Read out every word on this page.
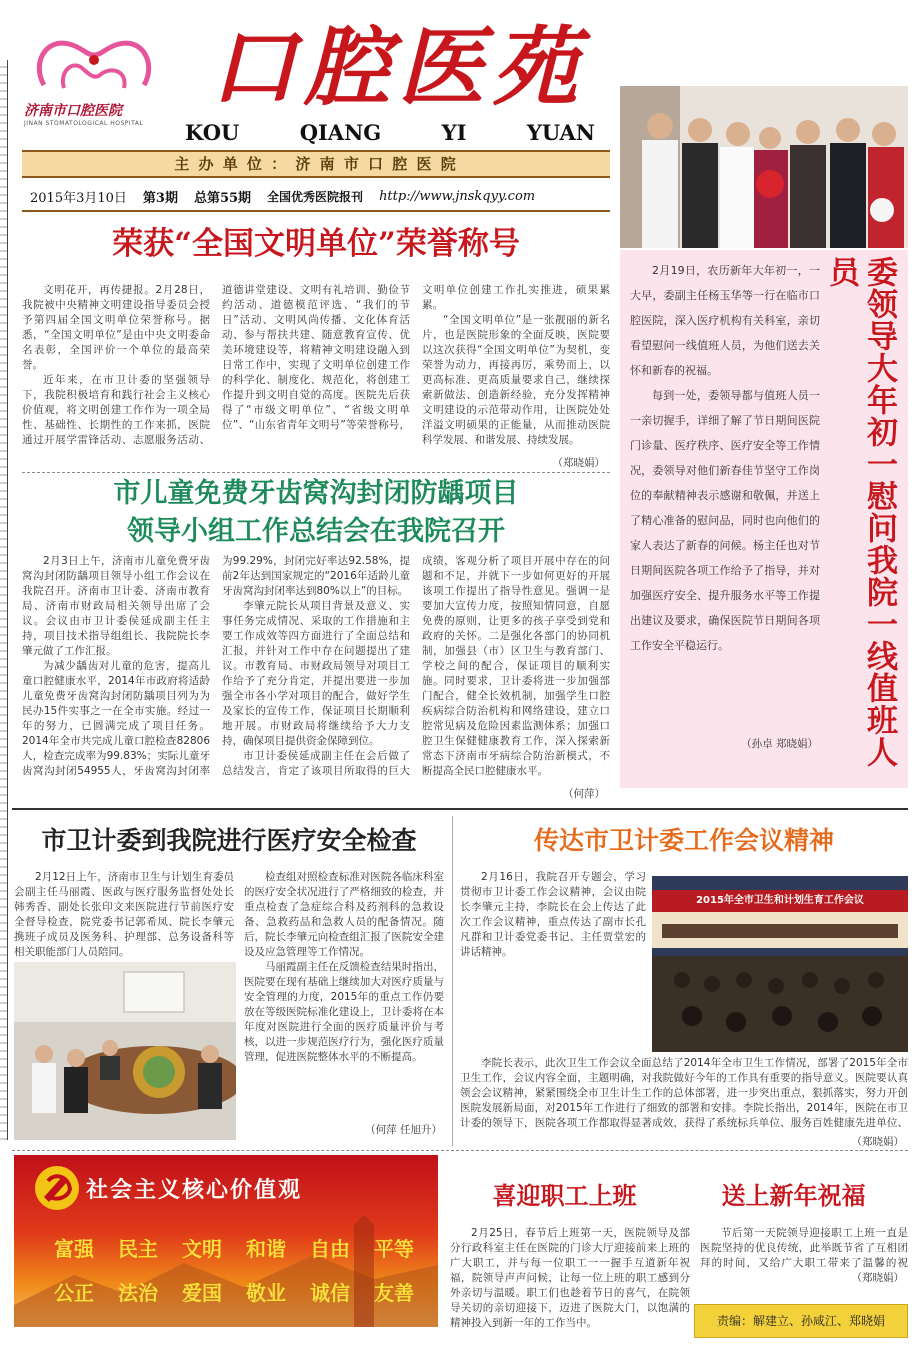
济南市口腔医院
JINAN STOMATOLOGICAL HOSPITAL
口腔医苑
KOU	QIANG	YI	YUAN
主 办 单 位 ： 济 南 市 口 腔 医 院
2015年3月10日 第3期 总第55期 全国优秀医院报刊 http://www.jnskqyy.com
荣获“全国文明单位”荣誉称号

文明花开，再传捷报。2月28日，我院被中央精神文明建设指导委员会授予第四届全国文明单位荣誉称号。据悉，“全国文明单位”是由中央文明委命名表彰，全国评价一个单位的最高荣誉。

近年来，在市卫计委的坚强领导下，我院积极培育和践行社会主义核心价值观，将文明创建工作作为一项全局性、基础性、长期性的工作来抓，医院通过开展学雷锋活动、志愿服务活动、道德讲堂建设、文明有礼培训、勤俭节约活动、道德模范评选、“我们的节日”活动、文明风尚传播、文化体育活动、参与帮扶共建、随意教育宣传、优美环境建设等，将精神文明建设融入到日常工作中，实现了文明单位创建工作的科学化、制度化、规范化，将创建工作提升到文明自觉的高度。医院先后获得了“市级文明单位”、“省级文明单位”、“山东省青年文明号”等荣誉称号，文明单位创建工作扎实推进，硕果累累。

“全国文明单位”是一张靓丽的新名片，也是医院形象的全面反映，医院要以这次获得“全国文明单位”为契机，变荣誉为动力，再接再厉，乘势而上，以更高标准、更高质量要求自己，继续探索新做法、创造新经验，充分发挥精神文明建设的示范带动作用，让医院处处洋溢文明硕果的正能量，从而推动医院科学发展、和谐发展、持续发展。

（郑晓娟）
市儿童免费牙齿窝沟封闭防龋项目
领导小组工作总结会在我院召开

2月3日上午，济南市儿童免费牙齿窝沟封闭防龋项目领导小组工作会议在我院召开。济南市卫计委、济南市教育局、济南市财政局相关领导出席了会议。会议由市卫计委侯延成副主任主持，项目技术指导组组长、我院院长李肇元做了工作汇报。

为减少龋齿对儿童的危害，提高儿童口腔健康水平，2014年市政府将适龄儿童免费牙齿窝沟封闭防龋项目列为为民办15件实事之一在全市实施。经过一年的努力，已圆满完成了项目任务。2014年全市共完成儿童口腔检查82806人，检查完成率为99.83%；实际儿童牙齿窝沟封闭54955人，牙齿窝沟封闭率为99.29%，封闭完好率达92.58%，提前2年达到国家规定的“2016年适龄儿童牙齿窝沟封闭率达到80%以上”的目标。

李肇元院长从项目背景及意义、实事任务完成情况、采取的工作措施和主要工作成效等四方面进行了全面总结和汇报，并针对工作中存在问题提出了建议。市教育局、市财政局领导对项目工作给予了充分肯定，并提出要进一步加强全市各小学对项目的配合，做好学生及家长的宣传工作，保证项目长期顺利地开展。市财政局将继续给予大力支持，确保项目提供资金保障到位。

市卫计委侯延成副主任在会后做了总结发言，肯定了该项目所取得的巨大成绩，客观分析了项目开展中存在的问题和不足，并就下一步如何更好的开展该项工作提出了指导性意见。强调一是要加大宣传力度，按照知情同意，自愿免费的原则，让更多的孩子享受到党和政府的关怀。二是强化各部门的协同机制，加强县（市）区卫生与教育部门、学校之间的配合，保证项目的顺利实施。同时要求，卫计委将进一步加强部门配合，健全长效机制，加强学生口腔疾病综合防治机构和网络建设，建立口腔常见病及危险因素监测体系；加强口腔卫生保健健康教育工作，深入探索新常态下济南市牙病综合防治新模式，不断提高全民口腔健康水平。

（何萍）

2月19日，农历新年大年初一，一大早，委副主任杨玉华等一行在临市口腔医院，深入医疗机构有关科室，亲切看望慰问一线值班人员，为他们送去关怀和新春的祝福。

每到一处，委领导都与值班人员一一亲切握手，详细了解了节日期间医院门诊量、医疗秩序、医疗安全等工作情况，委领导对他们新春佳节坚守工作岗位的奉献精神表示感谢和敬佩，并送上了精心准备的慰问品，同时也向他们的家人表达了新春的问候。杨主任也对节日期间医院各项工作给予了指导，并对加强医疗安全、提升服务水平等工作提出建议及要求，确保医院节日期间各项工作安全平稳运行。

（孙卓 郑晓娟）	委领导大年初一慰问我院一线值班人员
市卫计委到我院进行医疗安全检查
2月12日上午，济南市卫生与计划生育委员会副主任马丽霞、医政与医疗服务监督处处长韩秀香、副处长张印文来医院进行节前医疗安全督导检查，院党委书记郭希凤、院长李肇元携班子成员及医务科、护理部、总务设备科等相关职能部门人员陪同。

检查组对照检查标准对医院各临床科室的医疗安全状况进行了严格细致的检查，并重点检查了急症综合科及药剂科的急救设备、急救药品和急救人员的配备情况。随后，院长李肇元向检查组汇报了医院安全建设及应急管理等工作情况。

马丽霞副主任在反馈检查结果时指出，医院要在现有基础上继续加大对医疗质量与安全管理的力度，2015年的重点工作仍要放在等级医院标准化建设上，卫计委将在本年度对医院进行全面的医疗质量评价与考核，以进一步规范医疗行为，强化医疗质量管理，促进医院整体水平的不断提高。

（何萍 任旭升）
传达市卫计委工作会议精神

2月16日，我院召开专题会，学习贯彻市卫计委工作会议精神，会议由院长李肇元主持，李院长在会上传达了此次工作会议精神，重点传达了副市长孔凡群和卫计委党委书记、主任贾堂宏的讲话精神。

2015年全市卫生和计划生育工作会议

李院长表示，此次卫生工作会议全面总结了2014年全市卫生工作情况，部署了2015年全市卫生工作，会议内容全面，主题明确，对我院做好今年的工作具有重要的指导意义。医院要认真领会会议精神，紧紧围绕全市卫生计生工作的总体部署，进一步突出重点，狠抓落实，努力开创医院发展新局面，对2015年工作进行了细致的部署和安排。李院长指出，2014年，医院在市卫计委的领导下，医院各项工作都取得显著成效，获得了系统标兵单位、服务百姓健康先进单位、

（郑晓娟）
社会主义核心价值观
富强 民主 文明 和谐 自由 平等
公正 法治 爱国 敬业 诚信 友善
喜迎职工上班	送上新年祝福
2月25日，春节后上班第一天，医院领导及部分行政科室主任在医院的门诊大厅迎接前来上班的广大职工，并与每一位职工一一握手互道新年祝福，院领导声声问候，让每一位上班的职工感到分外亲切与温暖。职工们也趁着节日的喜气，在院领导关切的亲切迎接下，迈进了医院大门，以饱满的精神投入到新一年的工作当中。
节后第一天院领导迎接职工上班一直是医院坚持的优良传统，此举既节省了互相团拜的时间，又给广大职工带来了温馨的祝
（郑晓娟）
责编：解建立、孙咸江、郑晓娟
